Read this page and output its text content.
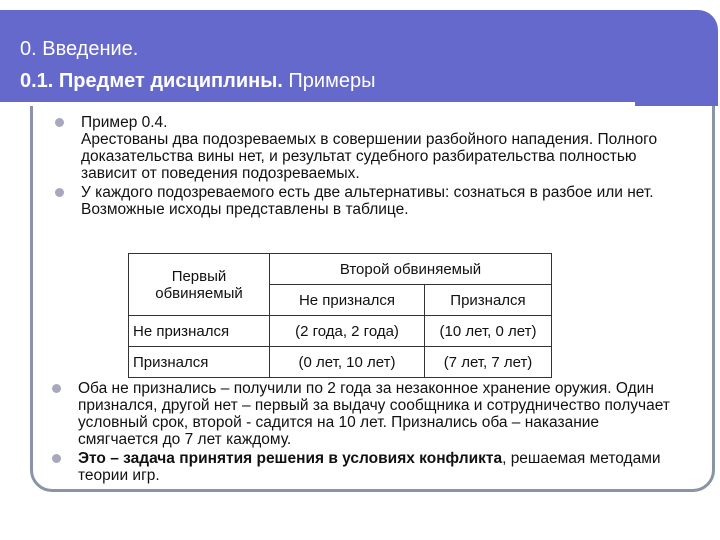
0. Введение.
0.1. Предмет дисциплины. Примеры
Пример 0.4.
Арестованы два подозреваемых в совершении разбойного нападения. Полного доказательства вины нет, и результат судебного разбирательства полностью зависит от поведения подозреваемых.
У каждого подозреваемого есть две альтернативы: сознаться в разбое или нет. Возможные исходы представлены в таблице.
Первый обвиняемый	Второй обвиняемый	
	Не признался	Признался
Не признался	(2 года, 2 года)	(10 лет, 0 лет)
Признался	(0 лет, 10 лет)	(7 лет, 7 лет)
Оба не признались – получили по 2 года за незаконное хранение оружия. Один признался, другой нет – первый за выдачу сообщника и сотрудничество получает условный срок, второй - садится на 10 лет. Признались оба – наказание смягчается до 7 лет каждому.
Это – задача принятия решения в условиях конфликта, решаемая методами теории игр.
